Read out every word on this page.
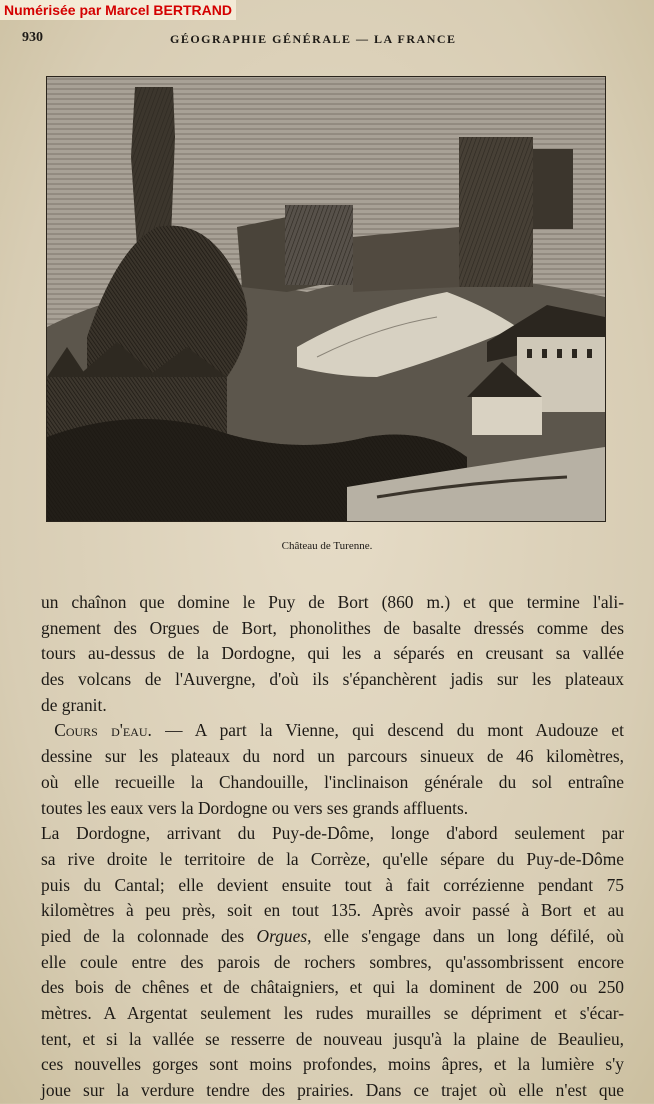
Numérisée par Marcel BERTRAND
930	GÉOGRAPHIE GÉNÉRALE — LA FRANCE
Château de Turenne.
un chaînon que domine le Puy de Bort (860 m.) et que termine l'ali-
gnement des Orgues de Bort, phonolithes de basalte dressés comme des
tours au-dessus de la Dordogne, qui les a séparés en creusant sa vallée
des volcans de l'Auvergne, d'où ils s'épanchèrent jadis sur les plateaux
de granit.
Cours d'eau. — A part la Vienne, qui descend du mont Audouze et
dessine sur les plateaux du nord un parcours sinueux de 46 kilomètres,
où elle recueille la Chandouille, l'inclinaison générale du sol entraîne
toutes les eaux vers la Dordogne ou vers ses grands affluents.
La Dordogne, arrivant du Puy-de-Dôme, longe d'abord seulement par
sa rive droite le territoire de la Corrèze, qu'elle sépare du Puy-de-Dôme
puis du Cantal; elle devient ensuite tout à fait corrézienne pendant 75
kilomètres à peu près, soit en tout 135. Après avoir passé à Bort et au
pied de la colonnade des Orgues, elle s'engage dans un long défilé, où
elle coule entre des parois de rochers sombres, qu'assombrissent encore
des bois de chênes et de châtaigniers, et qui la dominent de 200 ou 250
mètres. A Argentat seulement les rudes murailles se dépriment et s'écar-
tent, et si la vallée se resserre de nouveau jusqu'à la plaine de Beaulieu,
ces nouvelles gorges sont moins profondes, moins âpres, et la lumière s'y
joue sur la verdure tendre des prairies. Dans ce trajet où elle n'est que
